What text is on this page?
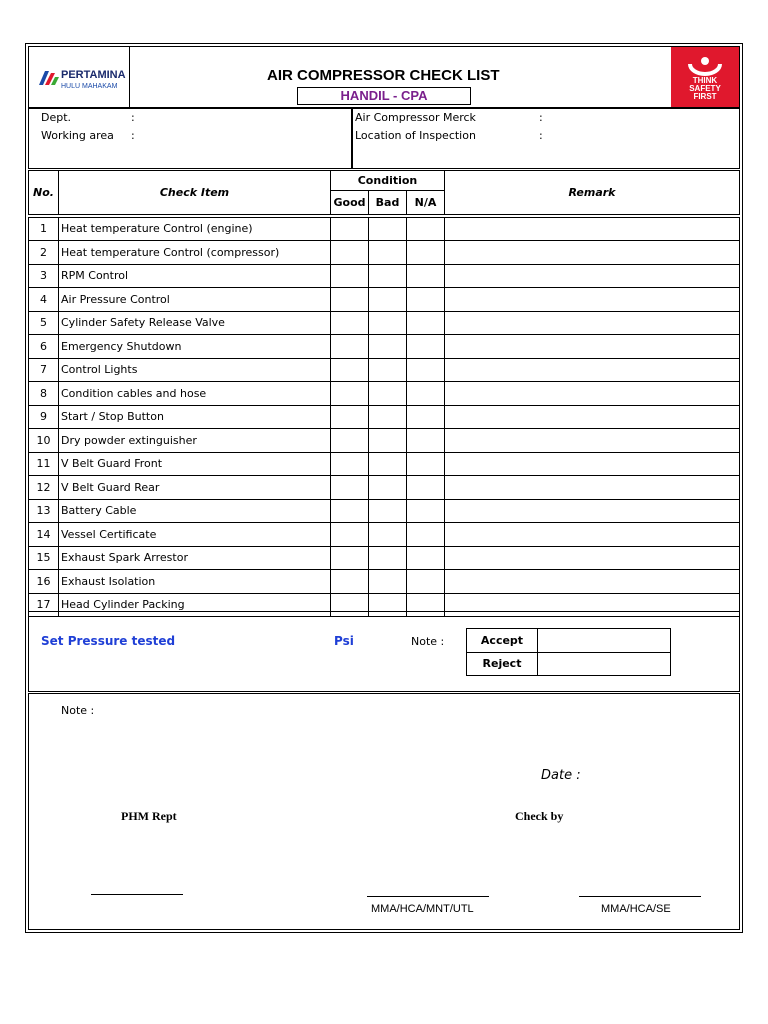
PERTAMINA
HULU MAHAKAM
AIR COMPRESSOR CHECK LIST
HANDIL - CPA
THINK
SAFETY
FIRST
Dept.	:
Working area :
Air Compressor Merck	:
Location of Inspection	:
No.	Check Item	Condition			Remark
		Good	Bad	N/A	

1	Heat temperature Control (engine)				
2	Heat temperature Control (compressor)				
3	RPM Control				
4	Air Pressure Control				
5	Cylinder Safety Release Valve				
6	Emergency Shutdown				
7	Control Lights				
8	Condition cables and hose				
9	Start / Stop Button				
10	Dry powder extinguisher				
11	V Belt Guard Front				
12	V Belt Guard Rear				
13	Battery Cable				
14	Vessel Certificate				
15	Exhaust Spark Arrestor				
16	Exhaust Isolation				
17	Head Cylinder Packing				
Set Pressure tested	Psi	Note :	Accept	
Reject	
Note :
Date :
PHM Rept	Check by
MMA/HCA/MNT/UTL	MMA/HCA/SE
